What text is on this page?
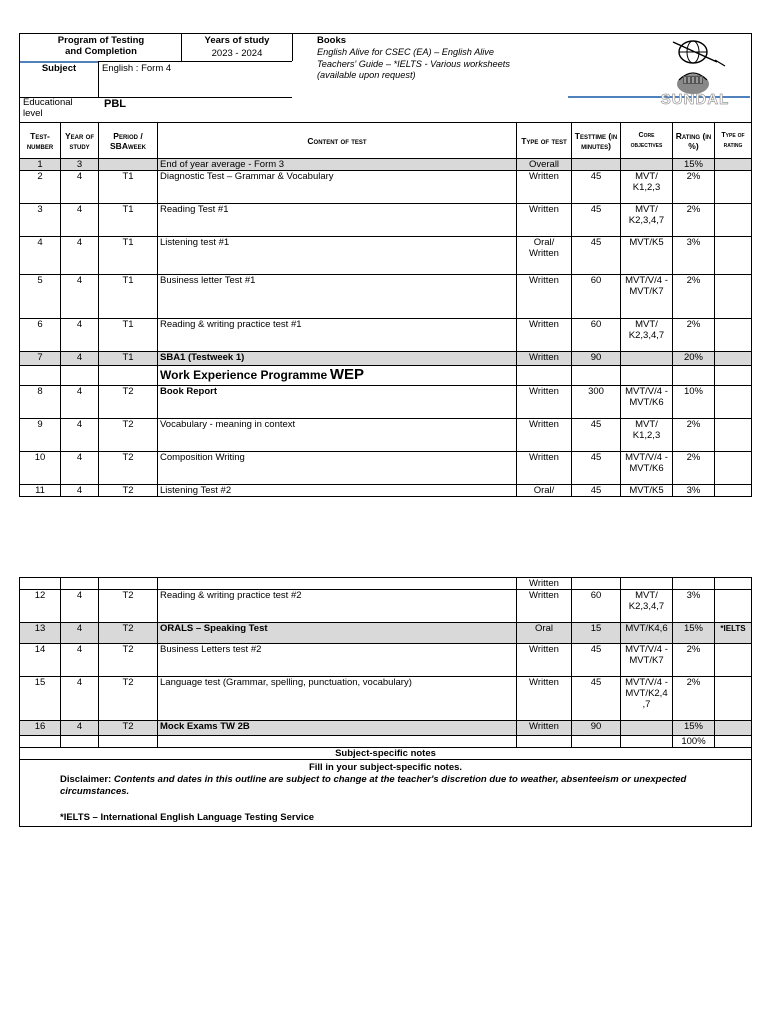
Program of Testing and Completion
Years of study
2023 - 2024
Books
English Alive for CSEC (EA) – English Alive Teachers' Guide – *IELTS - Various worksheets (available upon request)
Subject	English : Form 4
Educational level
PBL	SUNDAL
Test-number	Year of study	Period / SBAweek	Content of test	Type of test	Testtime (in minutes)	Core objectives	Rating (in %)	Type of rating
1	3		End of year average - Form 3	Overall			15%	
2	4	T1	Diagnostic Test – Grammar & Vocabulary	Written	45	MVT/ K1,2,3	2%	
3	4	T1	Reading Test #1	Written	45	MVT/ K2,3,4,7	2%	
4	4	T1	Listening test #1	Oral/ Written	45	MVT/K5	3%	
5	4	T1	Business letter Test #1	Written	60	MVT/V/4 - MVT/K7	2%	
6	4	T1	Reading & writing practice test #1	Written	60	MVT/ K2,3,4,7	2%	
7	4	T1	SBA1 (Testweek 1)	Written	90		20%	
			Work Experience Programme WEP					
8	4	T2	Book Report	Written	300	MVT/V/4 - MVT/K6	10%	
9	4	T2	Vocabulary - meaning in context	Written	45	MVT/ K1,2,3	2%	
10	4	T2	Composition Writing	Written	45	MVT/V/4 - MVT/K6	2%	
11	4	T2	Listening Test #2	Oral/	45	MVT/K5	3%	
				Written				
12	4	T2	Reading & writing practice test #2	Written	60	MVT/ K2,3,4,7	3%	
13	4	T2	ORALS – Speaking Test	Oral	15	MVT/K4,6	15%	*IELTS
14	4	T2	Business Letters test #2	Written	45	MVT/V/4 - MVT/K7	2%	
15	4	T2	Language test (Grammar, spelling, punctuation, vocabulary)	Written	45	MVT/V/4 - MVT/K2,4 ,7	2%	
16	4	T2	Mock Exams TW 2B	Written	90		15%	
							100%	
Subject-specific notes								

Fill in your subject-specific notes.
Disclaimer: Contents and dates in this outline are subject to change at the teacher's discretion due to weather, absenteeism or unexpected circumstances.
*IELTS – International English Language Testing Service								
